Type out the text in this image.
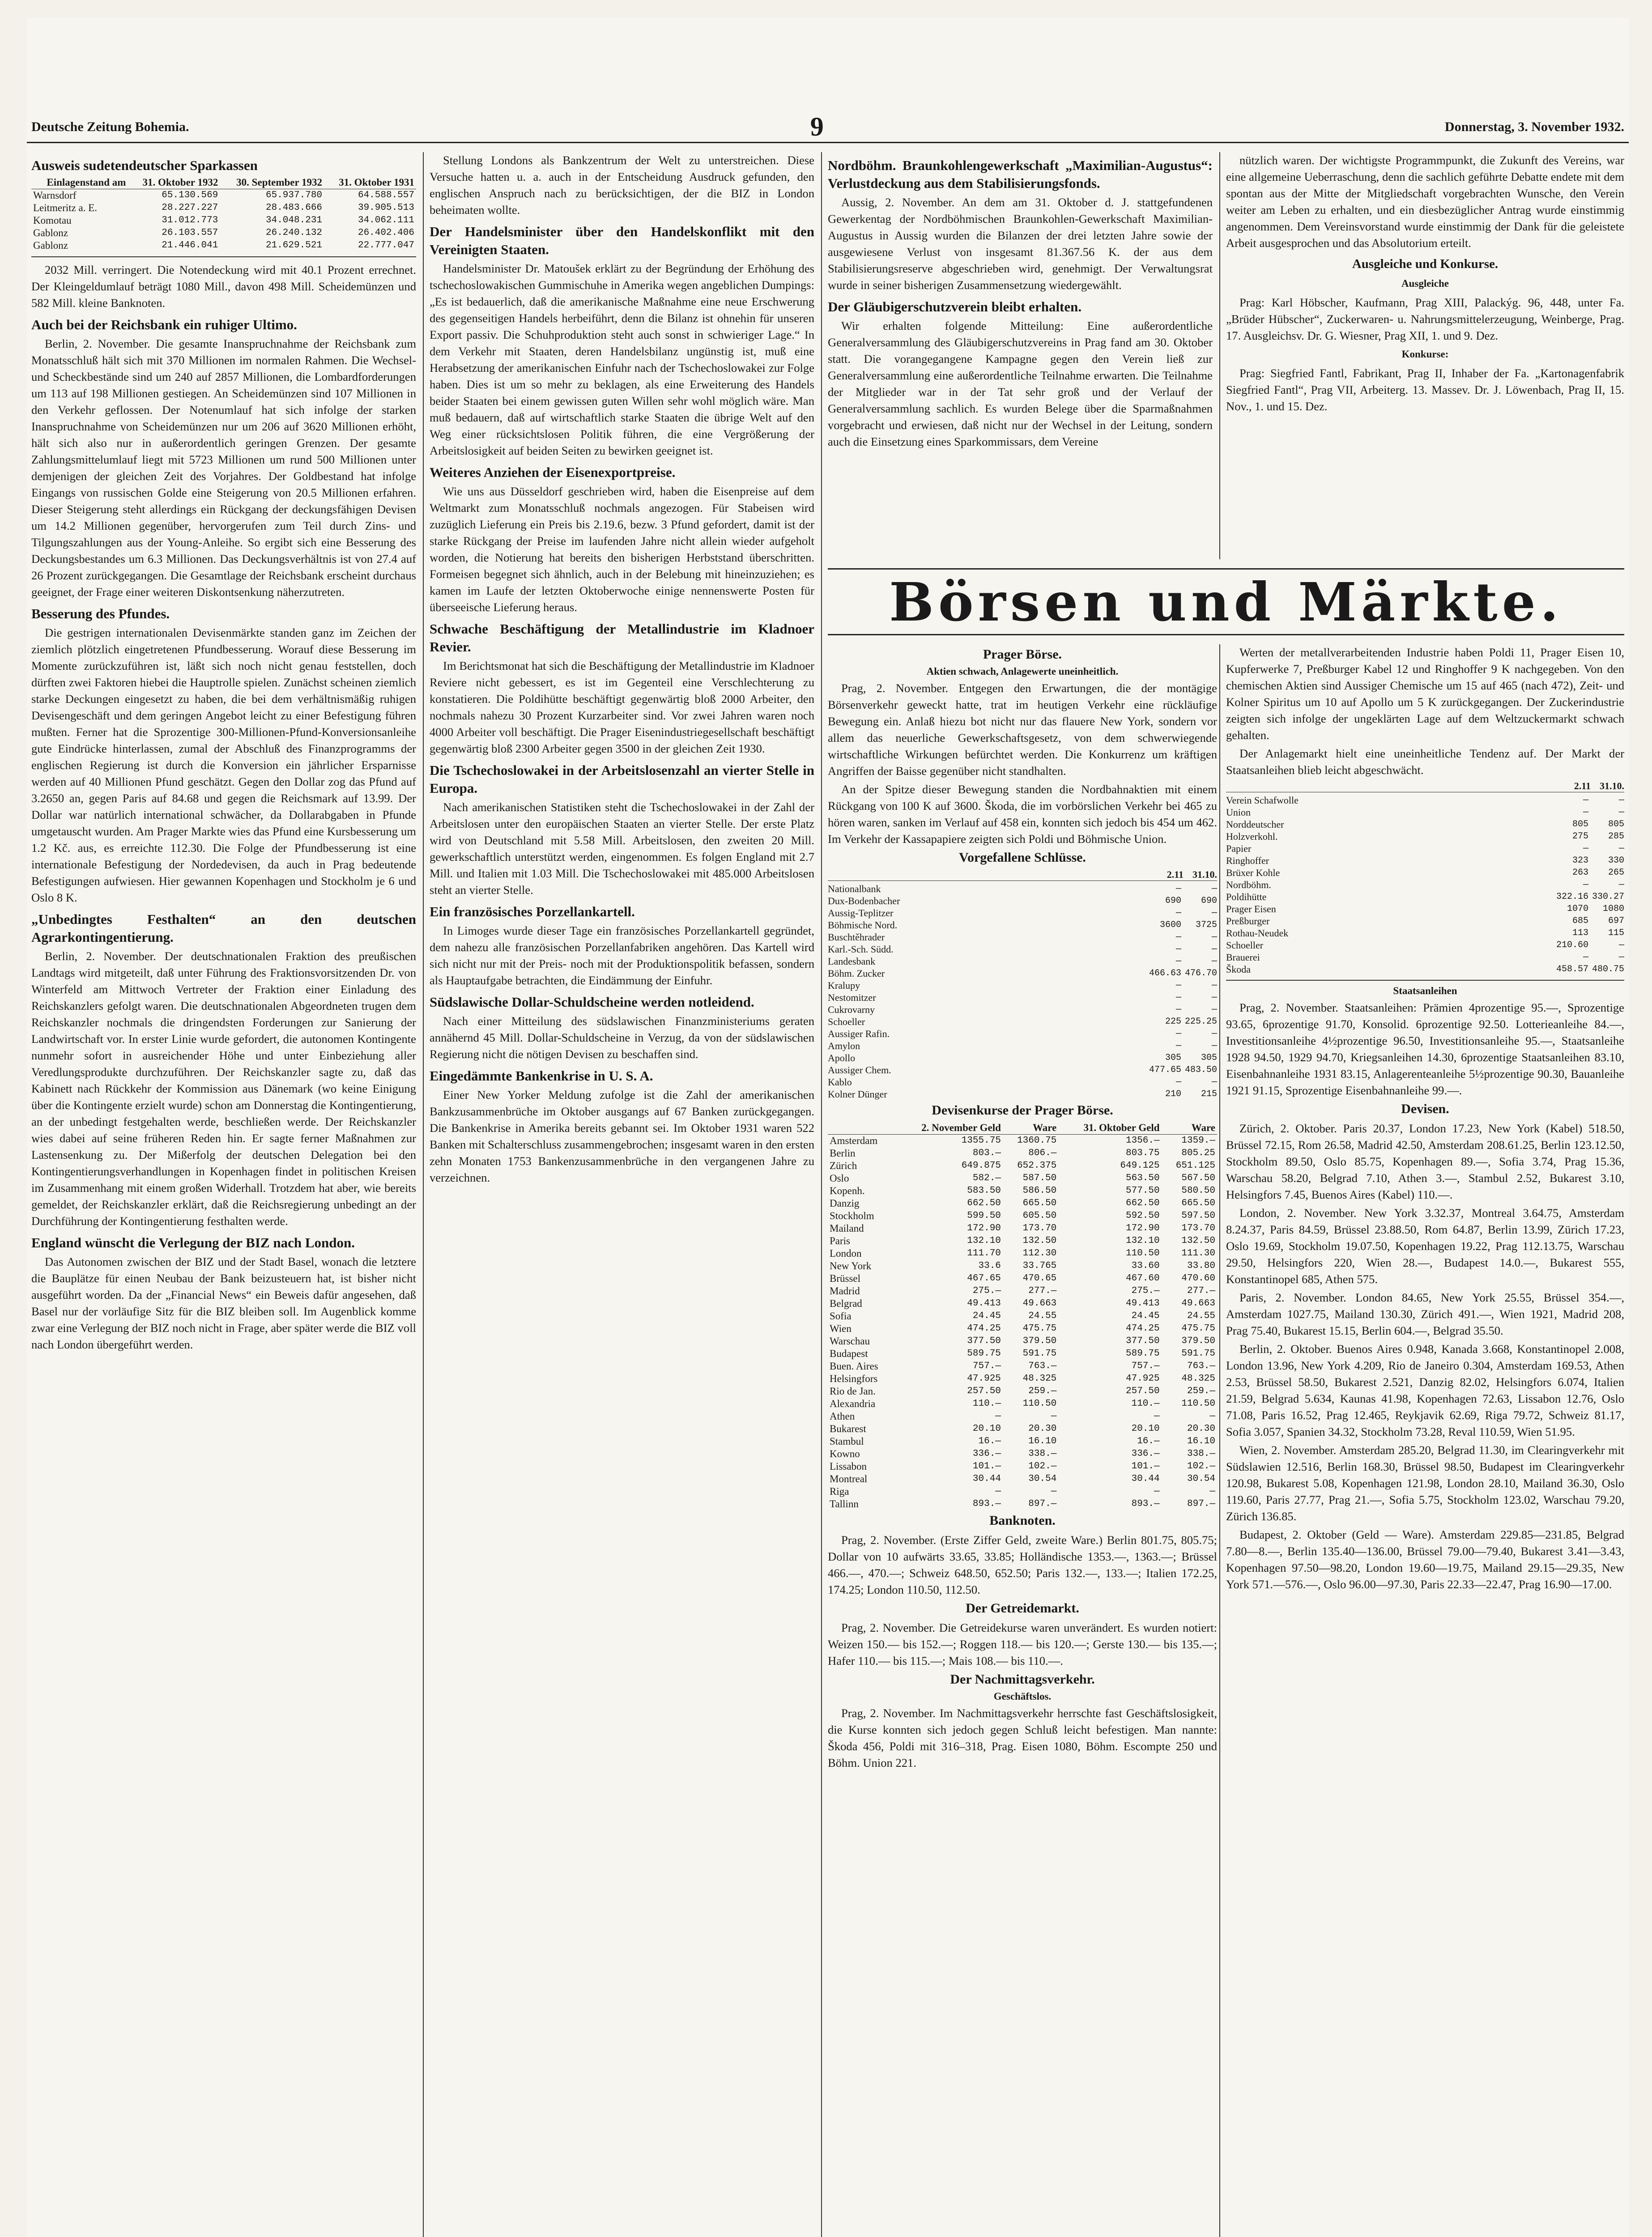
Deutsche Zeitung Bohemia.	9	Donnerstag, 3. November 1932.
Ausweis sudetendeutscher Sparkassen
Einlagenstand am	31. Oktober 1932	30. September 1932	31. Oktober 1931
Warnsdorf	65.130.569	65.937.780	64.588.557
Leitmeritz a. E.	28.227.227	28.483.666	39.905.513
Komotau	31.012.773	34.048.231	34.062.111
Gablonz	26.103.557	26.240.132	26.402.406
Gablonz	21.446.041	21.629.521	22.777.047

2032 Mill. verringert. Die Notendeckung wird mit 40.1 Prozent errechnet. Der Kleingeldumlauf beträgt 1080 Mill., davon 498 Mill. Scheidemünzen und 582 Mill. kleine Banknoten.

Auch bei der Reichsbank ein ruhiger Ultimo.

Berlin, 2. November. Die gesamte Inanspruchnahme der Reichsbank zum Monatsschluß hält sich mit 370 Millionen im normalen Rahmen. Die Wechsel- und Scheckbestände sind um 240 auf 2857 Millionen, die Lombardforderungen um 113 auf 198 Millionen gestiegen. An Scheidemünzen sind 107 Millionen in den Verkehr geflossen. Der Notenumlauf hat sich infolge der starken Inanspruchnahme von Scheidemünzen nur um 206 auf 3620 Millionen erhöht, hält sich also nur in außerordentlich geringen Grenzen. Der gesamte Zahlungsmittelumlauf liegt mit 5723 Millionen um rund 500 Millionen unter demjenigen der gleichen Zeit des Vorjahres. Der Goldbestand hat infolge Eingangs von russischen Golde eine Steigerung von 20.5 Millionen erfahren. Dieser Steigerung steht allerdings ein Rückgang der deckungsfähigen Devisen um 14.2 Millionen gegenüber, hervorgerufen zum Teil durch Zins- und Tilgungszahlungen aus der Young-Anleihe. So ergibt sich eine Besserung des Deckungsbestandes um 6.3 Millionen. Das Deckungsverhältnis ist von 27.4 auf 26 Prozent zurückgegangen. Die Gesamtlage der Reichsbank erscheint durchaus geeignet, der Frage einer weiteren Diskontsenkung näherzutreten.

Besserung des Pfundes.

Die gestrigen internationalen Devisenmärkte standen ganz im Zeichen der ziemlich plötzlich eingetretenen Pfundbesserung. Worauf diese Besserung im Momente zurückzuführen ist, läßt sich noch nicht genau feststellen, doch dürften zwei Faktoren hiebei die Hauptrolle spielen. Zunächst scheinen ziemlich starke Deckungen eingesetzt zu haben, die bei dem verhältnismäßig ruhigen Devisengeschäft und dem geringen Angebot leicht zu einer Befestigung führen mußten. Ferner hat die Sprozentige 300-Millionen-Pfund-Konversionsanleihe gute Eindrücke hinterlassen, zumal der Abschluß des Finanzprogramms der englischen Regierung ist durch die Konversion ein jährlicher Ersparnisse werden auf 40 Millionen Pfund geschätzt. Gegen den Dollar zog das Pfund auf 3.2650 an, gegen Paris auf 84.68 und gegen die Reichsmark auf 13.99. Der Dollar war natürlich international schwächer, da Dollarabgaben in Pfunde umgetauscht wurden. Am Prager Markte wies das Pfund eine Kursbesserung um 1.2 Kč. aus, es erreichte 112.30. Die Folge der Pfundbesserung ist eine internationale Befestigung der Nordedevisen, da auch in Prag bedeutende Befestigungen aufwiesen. Hier gewannen Kopenhagen und Stockholm je 6 und Oslo 8 K.

„Unbedingtes Festhalten“ an den deutschen Agrarkontingentierung.

Berlin, 2. November. Der deutschnationalen Fraktion des preußischen Landtags wird mitgeteilt, daß unter Führung des Fraktionsvorsitzenden Dr. von Winterfeld am Mittwoch Vertreter der Fraktion einer Einladung des Reichskanzlers gefolgt waren. Die deutschnationalen Abgeordneten trugen dem Reichskanzler nochmals die dringendsten Forderungen zur Sanierung der Landwirtschaft vor. In erster Linie wurde gefordert, die autonomen Kontingente nunmehr sofort in ausreichender Höhe und unter Einbeziehung aller Veredlungsprodukte durchzuführen. Der Reichskanzler sagte zu, daß das Kabinett nach Rückkehr der Kommission aus Dänemark (wo keine Einigung über die Kontingente erzielt wurde) schon am Donnerstag die Kontingentierung, an der unbedingt festgehalten werde, beschließen werde. Der Reichskanzler wies dabei auf seine früheren Reden hin. Er sagte ferner Maßnahmen zur Lastensenkung zu. Der Mißerfolg der deutschen Delegation bei den Kontingentierungsverhandlungen in Kopenhagen findet in politischen Kreisen im Zusammenhang mit einem großen Widerhall. Trotzdem hat aber, wie bereits gemeldet, der Reichskanzler erklärt, daß die Reichsregierung unbedingt an der Durchführung der Kontingentierung festhalten werde.

England wünscht die Verlegung der BIZ nach London.

Das Autonomen zwischen der BIZ und der Stadt Basel, wonach die letztere die Bauplätze für einen Neubau der Bank beizusteuern hat, ist bisher nicht ausgeführt worden. Da der „Financial News“ ein Beweis dafür angesehen, daß Basel nur der vorläufige Sitz für die BIZ bleiben soll. Im Augenblick komme zwar eine Verlegung der BIZ noch nicht in Frage, aber später werde die BIZ voll nach London übergeführt werden.

Stellung Londons als Bankzentrum der Welt zu unterstreichen. Diese Versuche hatten u. a. auch in der Entscheidung Ausdruck gefunden, den englischen Anspruch nach zu berücksichtigen, der die BIZ in London beheimaten wollte.

Der Handelsminister über den Handelskonflikt mit den Vereinigten Staaten.

Handelsminister Dr. Matoušek erklärt zu der Begründung der Erhöhung des tschechoslowakischen Gummischuhe in Amerika wegen angeblichen Dumpings: „Es ist bedauerlich, daß die amerikanische Maßnahme eine neue Erschwerung des gegenseitigen Handels herbeiführt, denn die Bilanz ist ohnehin für unseren Export passiv. Die Schuhproduktion steht auch sonst in schwieriger Lage.“ In dem Verkehr mit Staaten, deren Handelsbilanz ungünstig ist, muß eine Herabsetzung der amerikanischen Einfuhr nach der Tschechoslowakei zur Folge haben. Dies ist um so mehr zu beklagen, als eine Erweiterung des Handels beider Staaten bei einem gewissen guten Willen sehr wohl möglich wäre. Man muß bedauern, daß auf wirtschaftlich starke Staaten die übrige Welt auf den Weg einer rücksichtslosen Politik führen, die eine Vergrößerung der Arbeitslosigkeit auf beiden Seiten zu bewirken geeignet ist.

Weiteres Anziehen der Eisenexportpreise.

Wie uns aus Düsseldorf geschrieben wird, haben die Eisenpreise auf dem Weltmarkt zum Monatsschluß nochmals angezogen. Für Stabeisen wird zuzüglich Lieferung ein Preis bis 2.19.6, bezw. 3 Pfund gefordert, damit ist der starke Rückgang der Preise im laufenden Jahre nicht allein wieder aufgeholt worden, die Notierung hat bereits den bisherigen Herbststand überschritten. Formeisen begegnet sich ähnlich, auch in der Belebung mit hineinzuziehen; es kamen im Laufe der letzten Oktoberwoche einige nennenswerte Posten für überseeische Lieferung heraus.

Schwache Beschäftigung der Metallindustrie im Kladnoer Revier.

Im Berichtsmonat hat sich die Beschäftigung der Metallindustrie im Kladnoer Reviere nicht gebessert, es ist im Gegenteil eine Verschlechterung zu konstatieren. Die Poldihütte beschäftigt gegenwärtig bloß 2000 Arbeiter, den nochmals nahezu 30 Prozent Kurzarbeiter sind. Vor zwei Jahren waren noch 4000 Arbeiter voll beschäftigt. Die Prager Eisenindustriegesellschaft beschäftigt gegenwärtig bloß 2300 Arbeiter gegen 3500 in der gleichen Zeit 1930.

Die Tschechoslowakei in der Arbeitslosenzahl an vierter Stelle in Europa.

Nach amerikanischen Statistiken steht die Tschechoslowakei in der Zahl der Arbeitslosen unter den europäischen Staaten an vierter Stelle. Der erste Platz wird von Deutschland mit 5.58 Mill. Arbeitslosen, den zweiten 20 Mill. gewerkschaftlich unterstützt werden, eingenommen. Es folgen England mit 2.7 Mill. und Italien mit 1.03 Mill. Die Tschechoslowakei mit 485.000 Arbeitslosen steht an vierter Stelle.

Ein französisches Porzellankartell.

In Limoges wurde dieser Tage ein französisches Porzellankartell gegründet, dem nahezu alle französischen Porzellanfabriken angehören. Das Kartell wird sich nicht nur mit der Preis- noch mit der Produktionspolitik befassen, sondern als Hauptaufgabe betrachten, die Eindämmung der Einfuhr.

Südslawische Dollar-Schuldscheine werden notleidend.

Nach einer Mitteilung des südslawischen Finanzministeriums geraten annähernd 45 Mill. Dollar-Schuldscheine in Verzug, da von der südslawischen Regierung nicht die nötigen Devisen zu beschaffen sind.

Eingedämmte Bankenkrise in U. S. A.

Einer New Yorker Meldung zufolge ist die Zahl der amerikanischen Bankzusammenbrüche im Oktober ausgangs auf 67 Banken zurückgegangen. Die Bankenkrise in Amerika bereits gebannt sei. Im Oktober 1931 waren 522 Banken mit Schalterschluss zusammengebrochen; insgesamt waren in den ersten zehn Monaten 1753 Bankenzusammenbrüche in den vergangenen Jahre zu verzeichnen.

Nordböhm. Braunkohlengewerkschaft „Maximilian-Augustus“: Verlustdeckung aus dem Stabilisierungsfonds.

Aussig, 2. November. An dem am 31. Oktober d. J. stattgefundenen Gewerkentag der Nordböhmischen Braunkohlen-Gewerkschaft Maximilian-Augustus in Aussig wurden die Bilanzen der drei letzten Jahre sowie der ausgewiesene Verlust von insgesamt 81.367.56 K. der aus dem Stabilisierungsreserve abgeschrieben wird, genehmigt. Der Verwaltungsrat wurde in seiner bisherigen Zusammensetzung wiedergewählt.

Der Gläubigerschutzverein bleibt erhalten.

Wir erhalten folgende Mitteilung: Eine außerordentliche Generalversammlung des Gläubigerschutzvereins in Prag fand am 30. Oktober statt. Die vorangegangene Kampagne gegen den Verein ließ zur Generalversammlung eine außerordentliche Teilnahme erwarten. Die Teilnahme der Mitglieder war in der Tat sehr groß und der Verlauf der Generalversammlung sachlich. Es wurden Belege über die Sparmaßnahmen vorgebracht und erwiesen, daß nicht nur der Wechsel in der Leitung, sondern auch die Einsetzung eines Sparkommissars, dem Vereine

nützlich waren. Der wichtigste Programmpunkt, die Zukunft des Vereins, war eine allgemeine Ueberraschung, denn die sachlich geführte Debatte endete mit dem spontan aus der Mitte der Mitgliedschaft vorgebrachten Wunsche, den Verein weiter am Leben zu erhalten, und ein diesbezüglicher Antrag wurde einstimmig angenommen. Dem Vereinsvorstand wurde einstimmig der Dank für die geleistete Arbeit ausgesprochen und das Absolutorium erteilt.

Ausgleiche und Konkurse.
Ausgleiche

Prag: Karl Höbscher, Kaufmann, Prag XIII, Palackýg. 96, 448, unter Fa. „Brüder Hübscher“, Zuckerwaren- u. Nahrungsmittelerzeugung, Weinberge, Prag. 17. Ausgleichsv. Dr. G. Wiesner, Prag XII, 1. und 9. Dez.

Konkurse:

Prag: Siegfried Fantl, Fabrikant, Prag II, Inhaber der Fa. „Kartonagenfabrik Siegfried Fantl“, Prag VII, Arbeiterg. 13. Massev. Dr. J. Löwenbach, Prag II, 15. Nov., 1. und 15. Dez.

Börsen und Märkte.
Prager Börse.
Aktien schwach, Anlagewerte uneinheitlich.

Prag, 2. November. Entgegen den Erwartungen, die der montägige Börsenverkehr geweckt hatte, trat im heutigen Verkehr eine rückläufige Bewegung ein. Anlaß hiezu bot nicht nur das flauere New York, sondern vor allem das neuerliche Gewerkschaftsgesetz, von dem schwerwiegende wirtschaftliche Wirkungen befürchtet werden. Die Konkurrenz um kräftigen Angriffen der Baisse gegenüber nicht standhalten.

An der Spitze dieser Bewegung standen die Nordbahnaktien mit einem Rückgang von 100 K auf 3600. Škoda, die im vorbörslichen Verkehr bei 465 zu hören waren, sanken im Verlauf auf 458 ein, konnten sich jedoch bis 454 um 462. Im Verkehr der Kassapapiere zeigten sich Poldi und Böhmische Union.

Vorgefallene Schlüsse.
2.11 31.10.
Nationalbank	—	—
Dux-Bodenbacher	690	690
Aussig-Teplitzer	—	—
Böhmische Nord.	3600	3725
Buschtěhrader	—	—
Karl.-Sch. Südd.	—	—
Landesbank	—	—
Böhm. Zucker	466.63 476.70
Kralupy	—	—
Nestomitzer	—	—
Cukrovarny	—	—
Schoeller	225 225.25
Aussiger Rafin.	—	—
Amylon	—	—
Apollo	305	305
Aussiger Chem.	477.65 483.50
Kablo	—	—
Kolner Dünger	210	215
Devisenkurse der Prager Börse.
	2. November Geld	Ware	31. Oktober Geld	Ware
Amsterdam	1355.75	1360.75	1356.—	1359.—
Berlin	803.—	806.—	803.75	805.25
Zürich	649.875	652.375	649.125	651.125
Oslo	582.—	587.50	563.50	567.50
Kopenh.	583.50	586.50	577.50	580.50
Danzig	662.50	665.50	662.50	665.50
Stockholm	599.50	605.50	592.50	597.50
Mailand	172.90	173.70	172.90	173.70
Paris	132.10	132.50	132.10	132.50
London	111.70	112.30	110.50	111.30
New York	33.6	33.765	33.60	33.80
Brüssel	467.65	470.65	467.60	470.60
Madrid	275.—	277.—	275.—	277.—
Belgrad	49.413	49.663	49.413	49.663
Sofia	24.45	24.55	24.45	24.55
Wien	474.25	475.75	474.25	475.75
Warschau	377.50	379.50	377.50	379.50
Budapest	589.75	591.75	589.75	591.75
Buen. Aires	757.—	763.—	757.—	763.—
Helsingfors	47.925	48.325	47.925	48.325
Rio de Jan.	257.50	259.—	257.50	259.—
Alexandria	110.—	110.50	110.—	110.50
Athen	—	—	—	—
Bukarest	20.10	20.30	20.10	20.30
Stambul	16.—	16.10	16.—	16.10
Kowno	336.—	338.—	336.—	338.—
Lissabon	101.—	102.—	101.—	102.—
Montreal	30.44	30.54	30.44	30.54
Riga	—	—	—	—
Tallinn	893.—	897.—	893.—	897.—
Banknoten.

Prag, 2. November. (Erste Ziffer Geld, zweite Ware.) Berlin 801.75, 805.75; Dollar von 10 aufwärts 33.65, 33.85; Holländische 1353.—, 1363.—; Brüssel 466.—, 470.—; Schweiz 648.50, 652.50; Paris 132.—, 133.—; Italien 172.25, 174.25; London 110.50, 112.50.

Der Getreidemarkt.

Prag, 2. November. Die Getreidekurse waren unverändert. Es wurden notiert: Weizen 150.— bis 152.—; Roggen 118.— bis 120.—; Gerste 130.— bis 135.—; Hafer 110.— bis 115.—; Mais 108.— bis 110.—.

Der Nachmittagsverkehr.
Geschäftslos.

Prag, 2. November. Im Nachmittagsverkehr herrschte fast Geschäftslosigkeit, die Kurse konnten sich jedoch gegen Schluß leicht befestigen. Man nannte: Škoda 456, Poldi mit 316–318, Prag. Eisen 1080, Böhm. Escompte 250 und Böhm. Union 221.

Werten der metallverarbeitenden Industrie haben Poldi 11, Prager Eisen 10, Kupferwerke 7, Preßburger Kabel 12 und Ringhoffer 9 K nachgegeben. Von den chemischen Aktien sind Aussiger Chemische um 15 auf 465 (nach 472), Zeit- und Kolner Spiritus um 10 auf Apollo um 5 K zurückgegangen. Der Zuckerindustrie zeigten sich infolge der ungeklärten Lage auf dem Weltzuckermarkt schwach gehalten.

Der Anlagemarkt hielt eine uneinheitliche Tendenz auf. Der Markt der Staatsanleihen blieb leicht abgeschwächt.

2.11 31.10.
Verein Schafwolle	—	—
Union	—	—
Norddeutscher	805	805
Holzverkohl.	275	285
Papier	—	—
Ringhoffer	323	330
Brüxer Kohle	263	265
Nordböhm.	—	—
Poldihütte	322.16 330.27
Prager Eisen	1070	1080
Preßburger	685	697
Rothau-Neudek	113	115
Schoeller	210.60	—
Brauerei	—	—
Škoda	458.57 480.75
Staatsanleihen

Prag, 2. November. Staatsanleihen: Prämien 4prozentige 95.—, Sprozentige 93.65, 6prozentige 91.70, Konsolid. 6prozentige 92.50. Lotterieanleihe 84.—, Investitionsanleihe 4½prozentige 96.50, Investitionsanleihe 95.—, Staatsanleihe 1928 94.50, 1929 94.70, Kriegsanleihen 14.30, 6prozentige Staatsanleihen 83.10, Eisenbahnanleihe 1931 83.15, Anlagerenteanleihe 5½prozentige 90.30, Bauanleihe 1921 91.15, Sprozentige Eisenbahnanleihe 99.—.

Devisen.

Zürich, 2. Oktober. Paris 20.37, London 17.23, New York (Kabel) 518.50, Brüssel 72.15, Rom 26.58, Madrid 42.50, Amsterdam 208.61.25, Berlin 123.12.50, Stockholm 89.50, Oslo 85.75, Kopenhagen 89.—, Sofia 3.74, Prag 15.36, Warschau 58.20, Belgrad 7.10, Athen 3.—, Stambul 2.52, Bukarest 3.10, Helsingfors 7.45, Buenos Aires (Kabel) 110.—.

London, 2. November. New York 3.32.37, Montreal 3.64.75, Amsterdam 8.24.37, Paris 84.59, Brüssel 23.88.50, Rom 64.87, Berlin 13.99, Zürich 17.23, Oslo 19.69, Stockholm 19.07.50, Kopenhagen 19.22, Prag 112.13.75, Warschau 29.50, Helsingfors 220, Wien 28.—, Budapest 14.0.—, Bukarest 555, Konstantinopel 685, Athen 575.

Paris, 2. November. London 84.65, New York 25.55, Brüssel 354.—, Amsterdam 1027.75, Mailand 130.30, Zürich 491.—, Wien 1921, Madrid 208, Prag 75.40, Bukarest 15.15, Berlin 604.—, Belgrad 35.50.

Berlin, 2. Oktober. Buenos Aires 0.948, Kanada 3.668, Konstantinopel 2.008, London 13.96, New York 4.209, Rio de Janeiro 0.304, Amsterdam 169.53, Athen 2.53, Brüssel 58.50, Bukarest 2.521, Danzig 82.02, Helsingfors 6.074, Italien 21.59, Belgrad 5.634, Kaunas 41.98, Kopenhagen 72.63, Lissabon 12.76, Oslo 71.08, Paris 16.52, Prag 12.465, Reykjavik 62.69, Riga 79.72, Schweiz 81.17, Sofia 3.057, Spanien 34.32, Stockholm 73.28, Reval 110.59, Wien 51.95.

Wien, 2. November. Amsterdam 285.20, Belgrad 11.30, im Clearingverkehr mit Südslawien 12.516, Berlin 168.30, Brüssel 98.50, Budapest im Clearingverkehr 120.98, Bukarest 5.08, Kopenhagen 121.98, London 28.10, Mailand 36.30, Oslo 119.60, Paris 27.77, Prag 21.—, Sofia 5.75, Stockholm 123.02, Warschau 79.20, Zürich 136.85.

Budapest, 2. Oktober (Geld — Ware). Amsterdam 229.85—231.85, Belgrad 7.80—8.—, Berlin 135.40—136.00, Brüssel 79.00—79.40, Bukarest 3.41—3.43, Kopenhagen 97.50—98.20, London 19.60—19.75, Mailand 29.15—29.35, New York 571.—576.—, Oslo 96.00—97.30, Paris 22.33—22.47, Prag 16.90—17.00.
